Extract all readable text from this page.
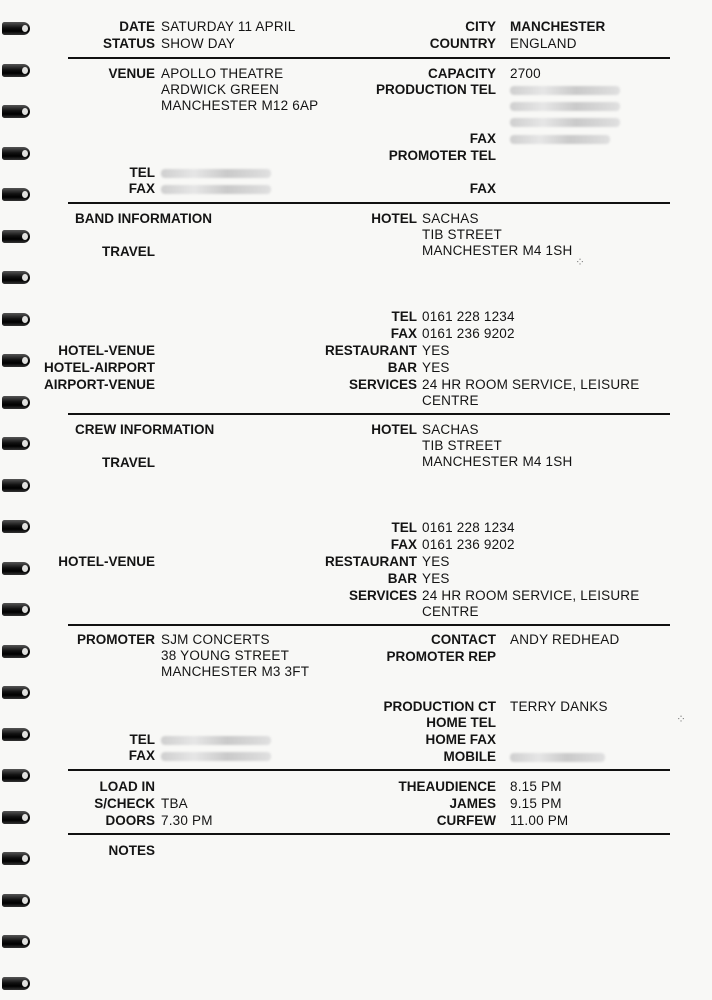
DATE SATURDAY 11 APRIL
STATUS SHOW DAY
CITY MANCHESTER
COUNTRY ENGLAND
VENUE APOLLO THEATRE
ARDWICK GREEN
MANCHESTER M12 6AP
CAPACITY 2700
PRODUCTION TEL
FAX
PROMOTER TEL
TEL
FAX	FAX
BAND INFORMATION
TRAVEL
HOTEL SACHAS
TIB STREET
MANCHESTER M4 1SH
TEL 0161 228 1234
FAX 0161 236 9202
RESTAURANT YES
BAR YES
SERVICES 24 HR ROOM SERVICE, LEISURE
CENTRE
HOTEL-VENUE
HOTEL-AIRPORT
AIRPORT-VENUE
CREW INFORMATION
TRAVEL
HOTEL SACHAS
TIB STREET
MANCHESTER M4 1SH
TEL 0161 228 1234
FAX 0161 236 9202
RESTAURANT YES
BAR YES
SERVICES 24 HR ROOM SERVICE, LEISURE
CENTRE
HOTEL-VENUE
PROMOTER SJM CONCERTS
38 YOUNG STREET
MANCHESTER M3 3FT
CONTACT ANDY REDHEAD
PROMOTER REP
PRODUCTION CT TERRY DANKS
HOME TEL
HOME FAX
MOBILE
TEL
FAX
LOAD IN
S/CHECK TBA
DOORS 7.30 PM
THEAUDIENCE 8.15 PM
JAMES 9.15 PM
CURFEW 11.00 PM
NOTES
⁘
⁘
